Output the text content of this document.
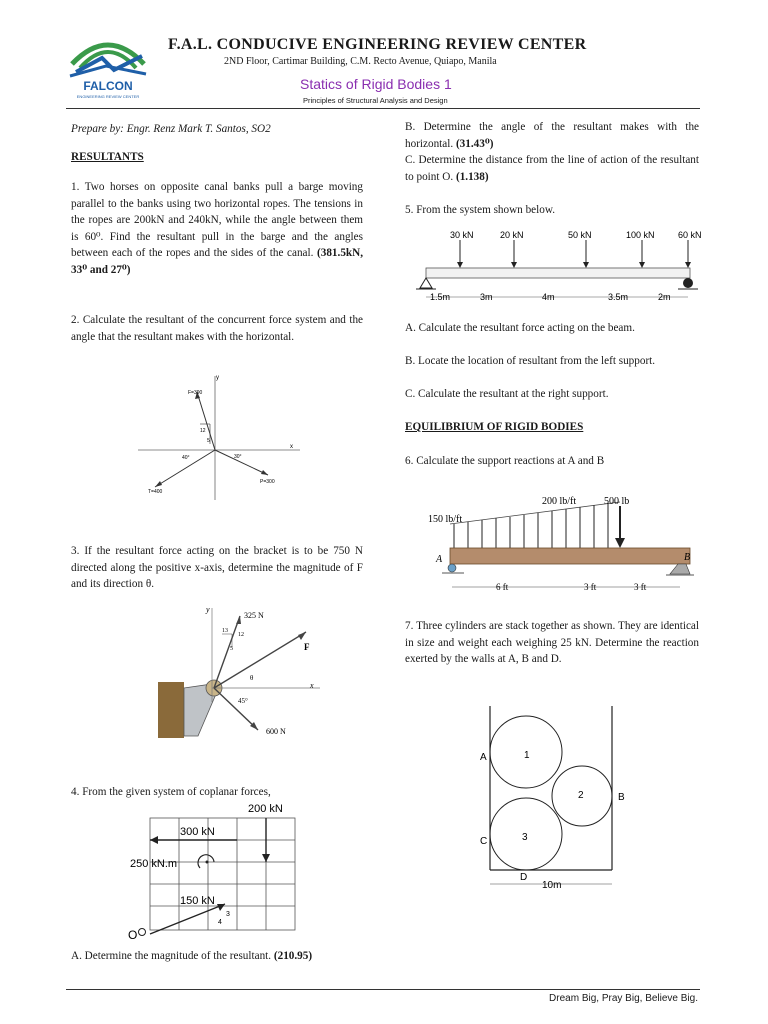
FALCON
ENGINEERING REVIEW CENTER
F.A.L. CONDUCIVE ENGINEERING REVIEW CENTER
2ND Floor, Cartimar Building, C.M. Recto Avenue, Quiapo, Manila
Statics of Rigid Bodies 1
Principles of Structural Analysis and Design
Prepare by: Engr. Renz Mark T. Santos, SO2
RESULTANTS
1. Two horses on opposite canal banks pull a barge moving parallel to the banks using two horizontal ropes. The tensions in the ropes are 200kN and 240kN, while the angle between them is 60⁰. Find the resultant pull in the barge and the angles between each of the ropes and the sides of the canal. (381.5kN, 33⁰ and 27⁰)
2. Calculate the resultant of the concurrent force system and the angle that the resultant makes with the horizontal.
y
x
F=390
12
5
40°	30°
P=300
T=400
3. If the resultant force acting on the bracket is to be 750 N directed along the positive x-axis, determine the magnitude of F and its direction θ.
y
325 N
13
12
5	F
θ
45°
x
600 N
4. From the given system of coplanar forces,
200 kN
300 kN
250 kN.m
150 kN
3
4
O
A. Determine the magnitude of the resultant. (210.95)
B. Determine the angle of the resultant makes with the horizontal. (31.43⁰)
C. Determine the distance from the line of action of the resultant to point O. (1.138)
5. From the system shown below.
30 kN	20 kN	50 kN	100 kN	60 kN
1.5m	3m	4m	3.5m	2m
A. Calculate the resultant force acting on the beam.
B. Locate the location of resultant from the left support.
C. Calculate the resultant at the right support.
EQUILIBRIUM OF RIGID BODIES
6. Calculate the support reactions at A and B
150 lb/ft
200 lb/ft	500 lb
A	B
6 ft	3 ft	3 ft
7. Three cylinders are stack together as shown. They are identical in size and weight each weighing 25 kN. Determine the reaction exerted by the walls at A, B and D.
1
2
3
A
B
C
D
10m
Dream Big, Pray Big, Believe Big.
